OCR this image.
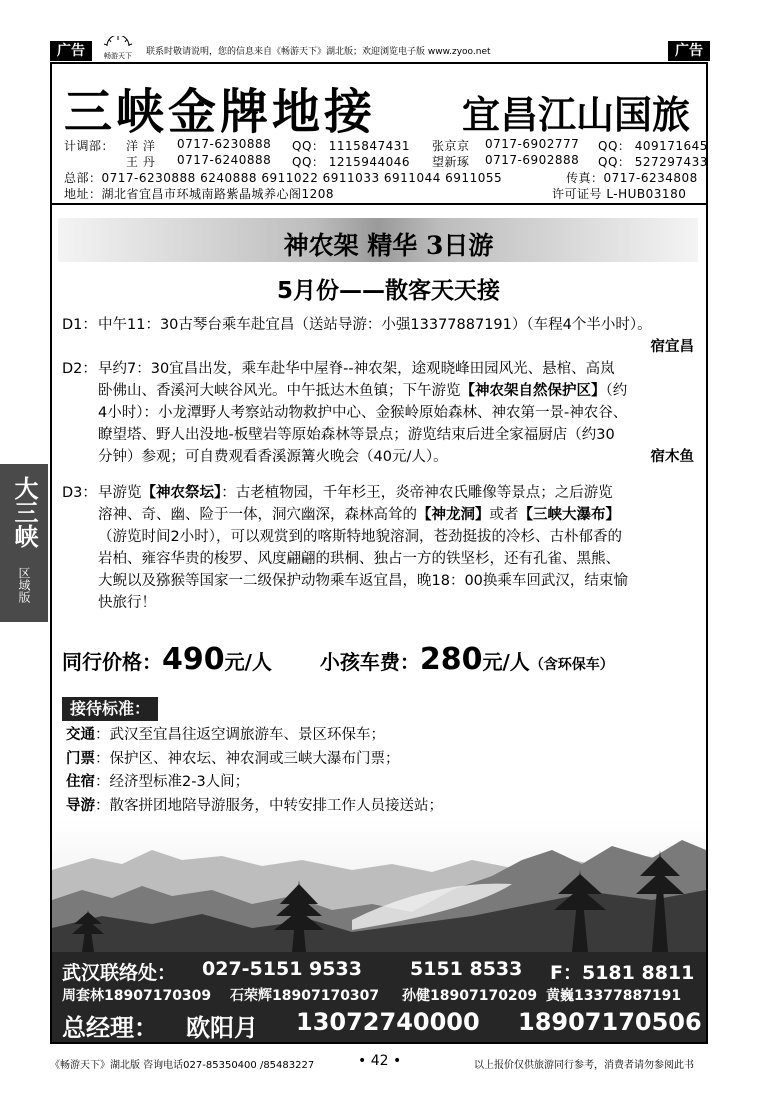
广告	广告
畅游天下 联系时敬请说明，您的信息来自《畅游天下》湖北版；欢迎浏览电子版 www.zyoo.net
三峡金牌地接 宜昌江山国旅
计调部： 洋 洋 0717-6230888 QQ： 1115847431 张京京 0717-6902777 QQ： 409171645
王 丹 0717-6240888 QQ： 1215944046 望新琢 0717-6902888 QQ： 527297433
总部：0717-6230888 6240888 6911022 6911033 6911044 6911055	传真：0717-6234808
地址：湖北省宜昌市环城南路紫晶城养心阁1208	许可证号 L-HUB03180
神农架 精华 3日游
5月份——散客天天接

D1：中午11：30古琴台乘车赴宜昌（送站导游：小强13377887191）（车程4个半小时）。

宿宜昌

D2：早约7：30宜昌出发，乘车赴华中屋脊--神农架，途观晓峰田园风光、悬棺、高岚

卧佛山、香溪河大峡谷风光。中午抵达木鱼镇；下午游览【神农架自然保护区】（约

4小时）：小龙潭野人考察站动物救护中心、金猴岭原始森林、神农第一景-神农谷、

瞭望塔、野人出没地-板壁岩等原始森林等景点；游览结束后进全家福厨店（约30

分钟）参观；可自费观看香溪源篝火晚会（40元/人）。	宿木鱼

D3：早游览【神农祭坛】：古老植物园，千年杉王，炎帝神农氏雕像等景点；之后游览

溶神、奇、幽、险于一体，洞穴幽深，森林高耸的【神龙洞】或者【三峡大瀑布】

（游览时间2小时），可以观赏到的喀斯特地貌溶洞，苍劲挺拔的冷杉、古朴郁香的

岩柏、雍容华贵的梭罗、风度翩翩的珙桐、独占一方的铁坚杉，还有孔雀、黑熊、

大鲵以及猕猴等国家一二级保护动物乘车返宜昌，晚18：00换乘车回武汉，结束愉

快旅行！

大三峡
区域版
同行价格：490元/人 小孩车费：280元/人（含环保车）
接待标准：

交通：武汉至宜昌往返空调旅游车、景区环保车；

门票：保护区、神农坛、神农洞或三峡大瀑布门票；

住宿：经济型标准2-3人间；

导游：散客拼团地陪导游服务，中转安排工作人员接送站；

武汉联络处： 027-5151 9533	5151 8533 F：5181 8811
周套林18907170309 石荣辉18907170307 孙健18907170209 黄巍13377887191
总经理： 欧阳月 13072740000 18907170506
《畅游天下》湖北版 咨询电话027-85350400 /85483227	• 42 •	以上报价仅供旅游同行参考，消费者请勿参阅此书
